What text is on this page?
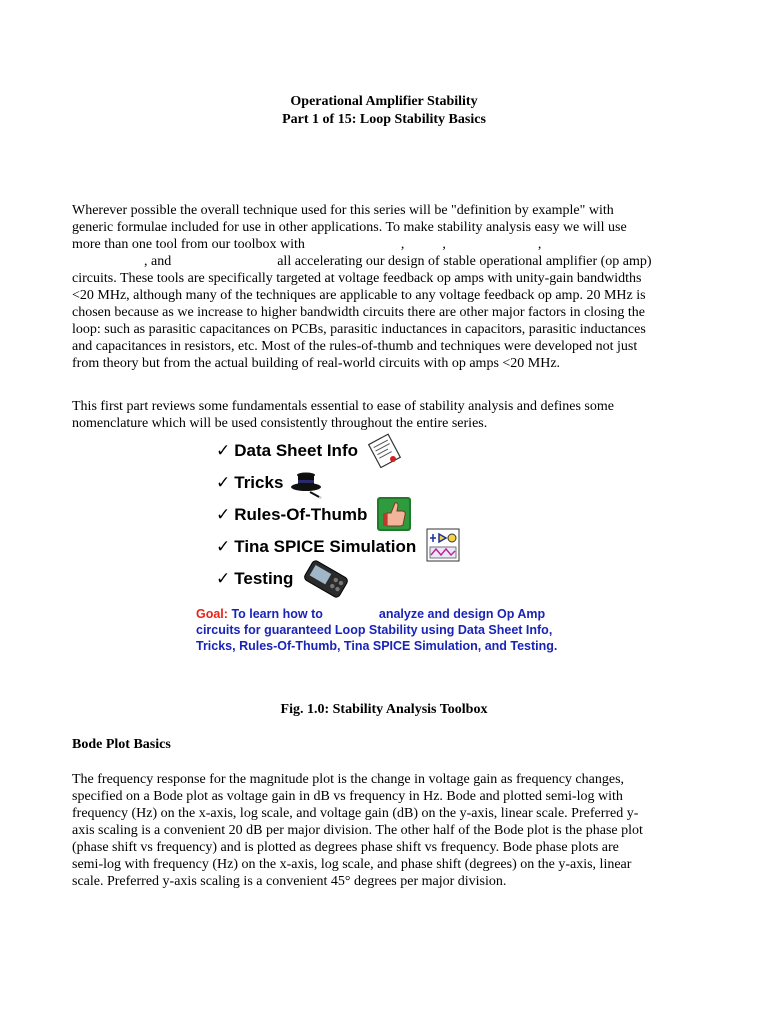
Operational Amplifier Stability
Part 1 of 15: Loop Stability Basics
Wherever possible the overall technique used for this series will be "definition by example" with
generic formulae included for use in other applications. To make stability analysis easy we will use
more than one tool from our toolbox with	,	,	,
, and	all accelerating our design of stable operational amplifier (op amp)
circuits. These tools are specifically targeted at voltage feedback op amps with unity-gain bandwidths
<20 MHz, although many of the techniques are applicable to any voltage feedback op amp. 20 MHz is
chosen because as we increase to higher bandwidth circuits there are other major factors in closing the
loop: such as parasitic capacitances on PCBs, parasitic inductances in capacitors, parasitic inductances
and capacitances in resistors, etc. Most of the rules-of-thumb and techniques were developed not just
from theory but from the actual building of real-world circuits with op amps <20 MHz.
This first part reviews some fundamentals essential to ease of stability analysis and defines some
nomenclature which will be used consistently throughout the entire series.
✓ Data Sheet Info
✓ Tricks
✓ Rules-Of-Thumb
✓ Tina SPICE Simulation
✓ Testing
Goal: To learn how to	analyze and design Op Amp
circuits for guaranteed Loop Stability using Data Sheet Info,
Tricks, Rules-Of-Thumb, Tina SPICE Simulation, and Testing.
Fig. 1.0: Stability Analysis Toolbox
Bode Plot Basics
The frequency response for the magnitude plot is the change in voltage gain as frequency changes,
specified on a Bode plot as voltage gain in dB vs frequency in Hz. Bode and plotted semi-log with
frequency (Hz) on the x-axis, log scale, and voltage gain (dB) on the y-axis, linear scale. Preferred y-
axis scaling is a convenient 20 dB per major division. The other half of the Bode plot is the phase plot
(phase shift vs frequency) and is plotted as degrees phase shift vs frequency. Bode phase plots are
semi-log with frequency (Hz) on the x-axis, log scale, and phase shift (degrees) on the y-axis, linear
scale. Preferred y-axis scaling is a convenient 45° degrees per major division.
